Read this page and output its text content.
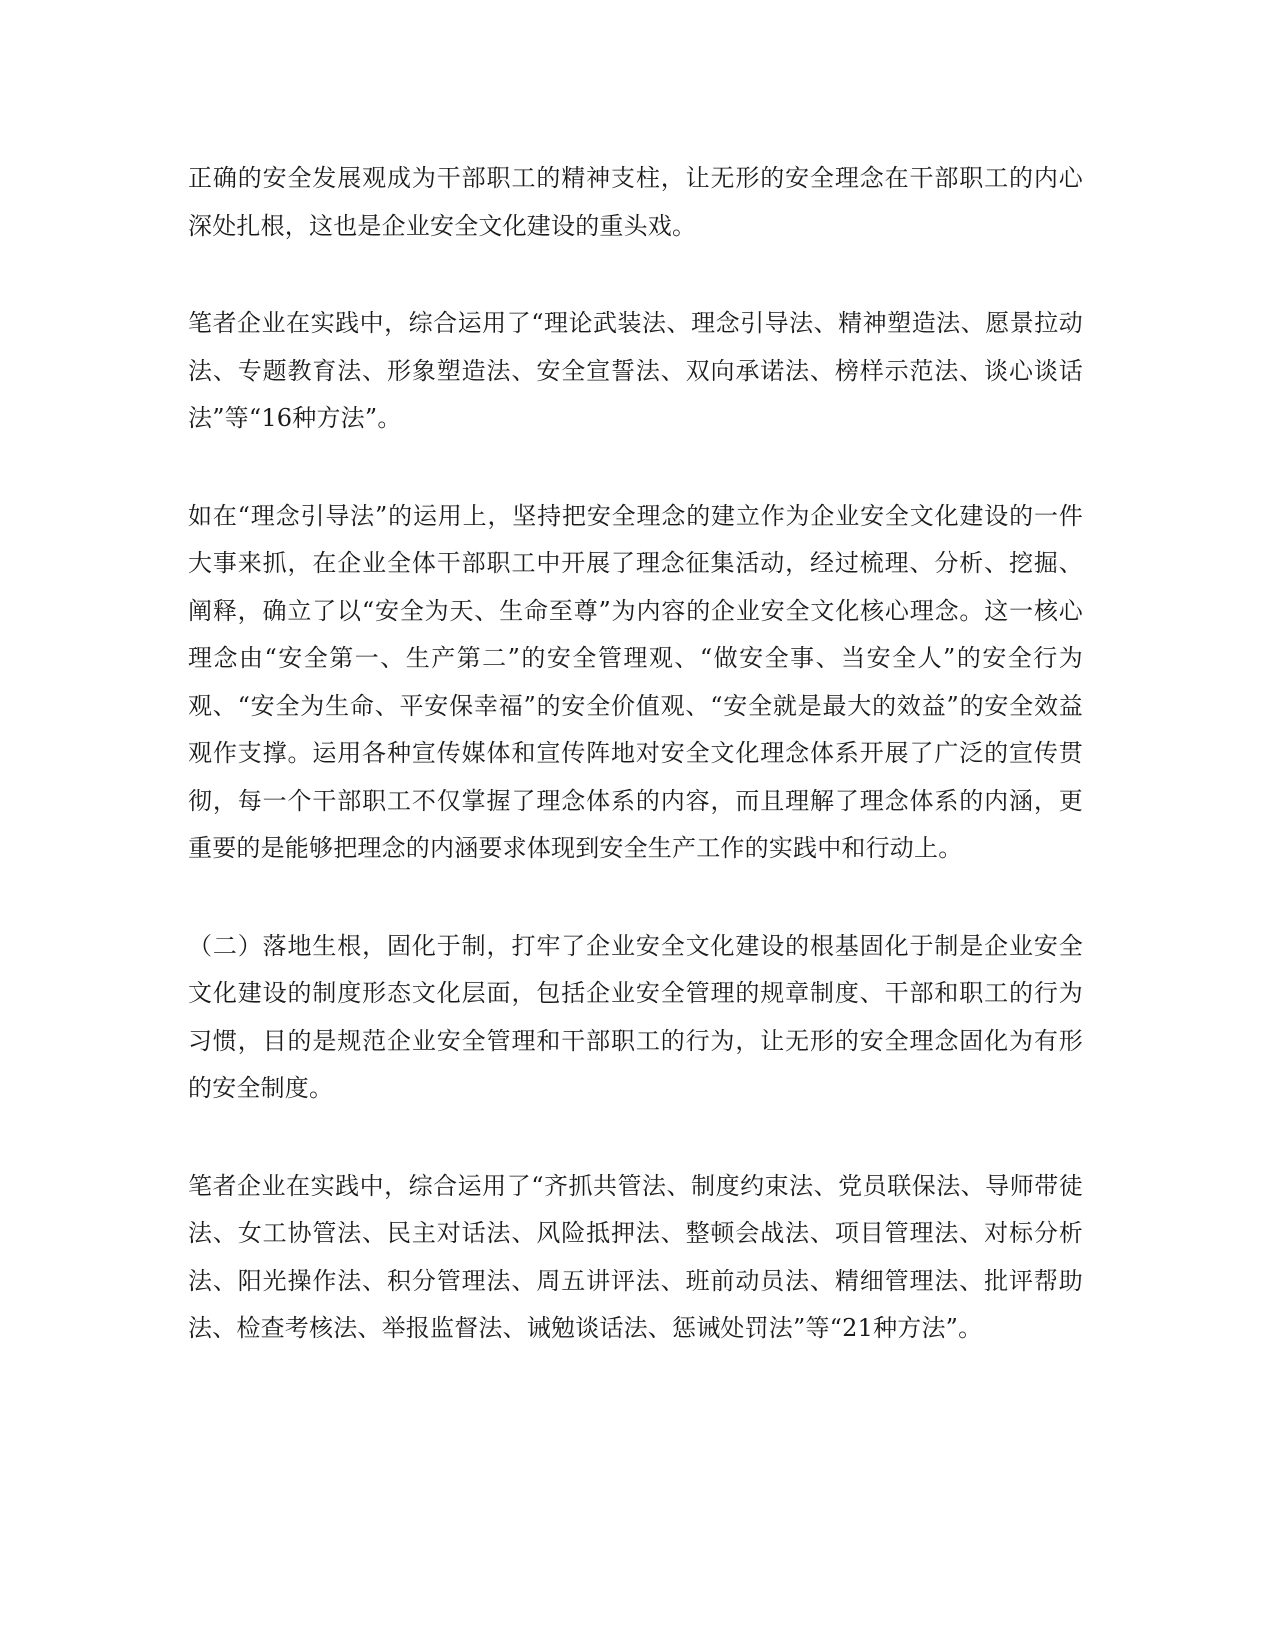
正确的安全发展观成为干部职工的精神支柱，让无形的安全理念在干部职工的内心深处扎根，这也是企业安全文化建设的重头戏。

笔者企业在实践中，综合运用了“理论武装法、理念引导法、精神塑造法、愿景拉动法、专题教育法、形象塑造法、安全宣誓法、双向承诺法、榜样示范法、谈心谈话法”等“16种方法”。

如在“理念引导法”的运用上，坚持把安全理念的建立作为企业安全文化建设的一件大事来抓，在企业全体干部职工中开展了理念征集活动，经过梳理、分析、挖掘、阐释，确立了以“安全为天、生命至尊”为内容的企业安全文化核心理念。这一核心理念由“安全第一、生产第二”的安全管理观、“做安全事、当安全人”的安全行为观、“安全为生命、平安保幸福”的安全价值观、“安全就是最大的效益”的安全效益观作支撑。运用各种宣传媒体和宣传阵地对安全文化理念体系开展了广泛的宣传贯彻，每一个干部职工不仅掌握了理念体系的内容，而且理解了理念体系的内涵，更重要的是能够把理念的内涵要求体现到安全生产工作的实践中和行动上。

（二）落地生根，固化于制，打牢了企业安全文化建设的根基固化于制是企业安全文化建设的制度形态文化层面，包括企业安全管理的规章制度、干部和职工的行为习惯，目的是规范企业安全管理和干部职工的行为，让无形的安全理念固化为有形的安全制度。

笔者企业在实践中，综合运用了“齐抓共管法、制度约束法、党员联保法、导师带徒法、女工协管法、民主对话法、风险抵押法、整顿会战法、项目管理法、对标分析法、阳光操作法、积分管理法、周五讲评法、班前动员法、精细管理法、批评帮助法、检查考核法、举报监督法、诫勉谈话法、惩诫处罚法”等“21种方法”。
